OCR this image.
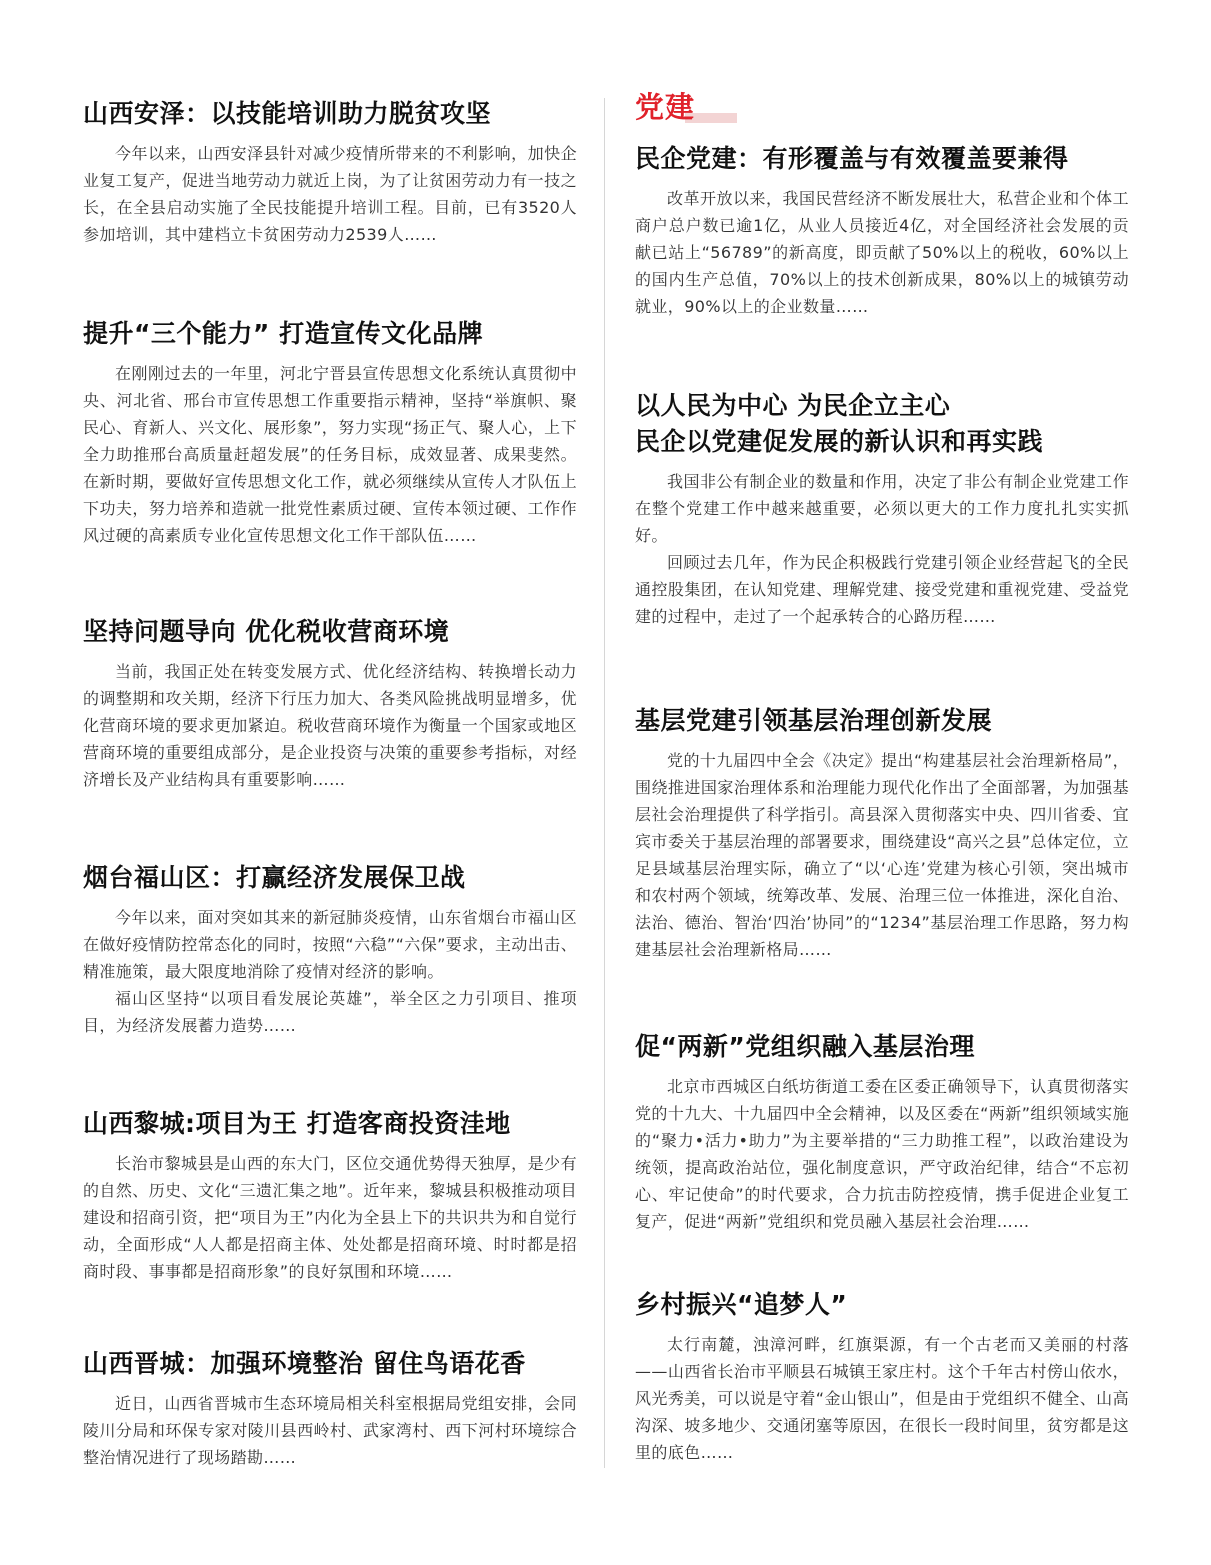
山西安泽：以技能培训助力脱贫攻坚

今年以来，山西安泽县针对减少疫情所带来的不利影响，加快企业复工复产，促进当地劳动力就近上岗，为了让贫困劳动力有一技之长，在全县启动实施了全民技能提升培训工程。目前，已有3520人参加培训，其中建档立卡贫困劳动力2539人……

提升“三个能力” 打造宣传文化品牌

在刚刚过去的一年里，河北宁晋县宣传思想文化系统认真贯彻中央、河北省、邢台市宣传思想工作重要指示精神，坚持“举旗帜、聚民心、育新人、兴文化、展形象”，努力实现“扬正气、聚人心，上下全力助推邢台高质量赶超发展”的任务目标，成效显著、成果斐然。在新时期，要做好宣传思想文化工作，就必须继续从宣传人才队伍上下功夫，努力培养和造就一批党性素质过硬、宣传本领过硬、工作作风过硬的高素质专业化宣传思想文化工作干部队伍……

坚持问题导向 优化税收营商环境

当前，我国正处在转变发展方式、优化经济结构、转换增长动力的调整期和攻关期，经济下行压力加大、各类风险挑战明显增多，优化营商环境的要求更加紧迫。税收营商环境作为衡量一个国家或地区营商环境的重要组成部分，是企业投资与决策的重要参考指标，对经济增长及产业结构具有重要影响……

烟台福山区：打赢经济发展保卫战

今年以来，面对突如其来的新冠肺炎疫情，山东省烟台市福山区在做好疫情防控常态化的同时，按照“六稳”“六保”要求，主动出击、精准施策，最大限度地消除了疫情对经济的影响。

福山区坚持“以项目看发展论英雄”，举全区之力引项目、推项目，为经济发展蓄力造势……

山西黎城:项目为王 打造客商投资洼地

长治市黎城县是山西的东大门，区位交通优势得天独厚，是少有的自然、历史、文化“三遗汇集之地”。近年来，黎城县积极推动项目建设和招商引资，把“项目为王”内化为全县上下的共识共为和自觉行动，全面形成“人人都是招商主体、处处都是招商环境、时时都是招商时段、事事都是招商形象”的良好氛围和环境……

山西晋城：加强环境整治 留住鸟语花香

近日，山西省晋城市生态环境局相关科室根据局党组安排，会同陵川分局和环保专家对陵川县西岭村、武家湾村、西下河村环境综合整治情况进行了现场踏勘……

党建
民企党建：有形覆盖与有效覆盖要兼得

改革开放以来，我国民营经济不断发展壮大，私营企业和个体工商户总户数已逾1亿，从业人员接近4亿，对全国经济社会发展的贡献已站上“56789”的新高度，即贡献了50%以上的税收，60%以上的国内生产总值，70%以上的技术创新成果，80%以上的城镇劳动就业，90%以上的企业数量……

以人民为中心 为民企立主心
民企以党建促发展的新认识和再实践

我国非公有制企业的数量和作用，决定了非公有制企业党建工作在整个党建工作中越来越重要，必须以更大的工作力度扎扎实实抓好。

回顾过去几年，作为民企积极践行党建引领企业经营起飞的全民通控股集团，在认知党建、理解党建、接受党建和重视党建、受益党建的过程中，走过了一个起承转合的心路历程……

基层党建引领基层治理创新发展

党的十九届四中全会《决定》提出“构建基层社会治理新格局”，围绕推进国家治理体系和治理能力现代化作出了全面部署，为加强基层社会治理提供了科学指引。高县深入贯彻落实中央、四川省委、宜宾市委关于基层治理的部署要求，围绕建设“高兴之县”总体定位，立足县域基层治理实际，确立了“以‘心连’党建为核心引领，突出城市和农村两个领域，统筹改革、发展、治理三位一体推进，深化自治、法治、德治、智治‘四治’协同”的“1234”基层治理工作思路，努力构建基层社会治理新格局……

促“两新”党组织融入基层治理

北京市西城区白纸坊街道工委在区委正确领导下，认真贯彻落实党的十九大、十九届四中全会精神，以及区委在“两新”组织领域实施的“聚力•活力•助力”为主要举措的“三力助推工程”，以政治建设为统领，提高政治站位，强化制度意识，严守政治纪律，结合“不忘初心、牢记使命”的时代要求，合力抗击防控疫情，携手促进企业复工复产，促进“两新”党组织和党员融入基层社会治理……

乡村振兴“追梦人”

太行南麓，浊漳河畔，红旗渠源，有一个古老而又美丽的村落——山西省长治市平顺县石城镇王家庄村。这个千年古村傍山依水，风光秀美，可以说是守着“金山银山”，但是由于党组织不健全、山高沟深、坡多地少、交通闭塞等原因，在很长一段时间里，贫穷都是这里的底色……
